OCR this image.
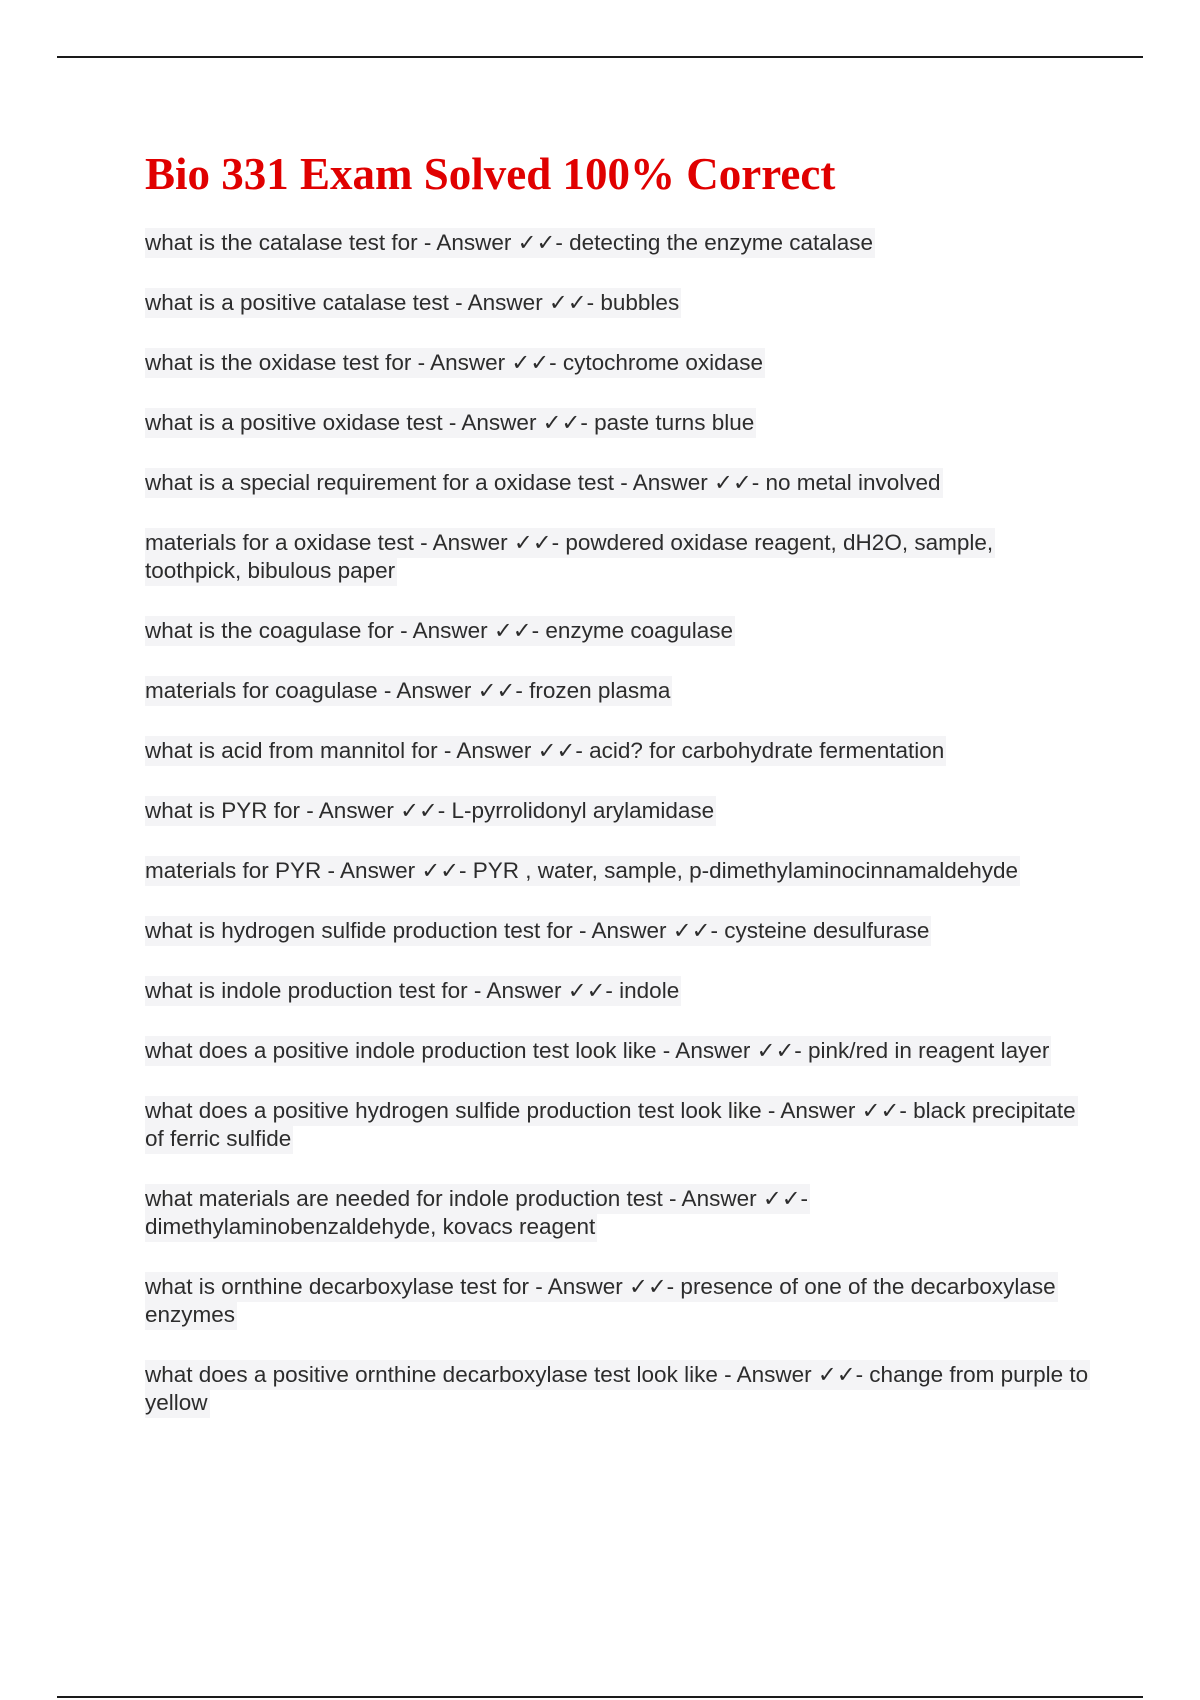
Bio 331 Exam Solved 100% Correct
what is the catalase test for - Answer ✓✓- detecting the enzyme catalase
what is a positive catalase test - Answer ✓✓- bubbles
what is the oxidase test for - Answer ✓✓- cytochrome oxidase
what is a positive oxidase test - Answer ✓✓- paste turns blue
what is a special requirement for a oxidase test - Answer ✓✓- no metal involved
materials for a oxidase test - Answer ✓✓- powdered oxidase reagent, dH2O, sample, toothpick, bibulous paper
what is the coagulase for - Answer ✓✓- enzyme coagulase
materials for coagulase - Answer ✓✓- frozen plasma
what is acid from mannitol for - Answer ✓✓- acid? for carbohydrate fermentation
what is PYR for - Answer ✓✓- L-pyrrolidonyl arylamidase
materials for PYR - Answer ✓✓- PYR , water, sample, p-dimethylaminocinnamaldehyde
what is hydrogen sulfide production test for - Answer ✓✓- cysteine desulfurase
what is indole production test for - Answer ✓✓- indole
what does a positive indole production test look like - Answer ✓✓- pink/red in reagent layer
what does a positive hydrogen sulfide production test look like - Answer ✓✓- black precipitate of ferric sulfide
what materials are needed for indole production test - Answer ✓✓- dimethylaminobenzaldehyde, kovacs reagent
what is ornthine decarboxylase test for - Answer ✓✓- presence of one of the decarboxylase enzymes
what does a positive ornthine decarboxylase test look like - Answer ✓✓- change from purple to yellow
